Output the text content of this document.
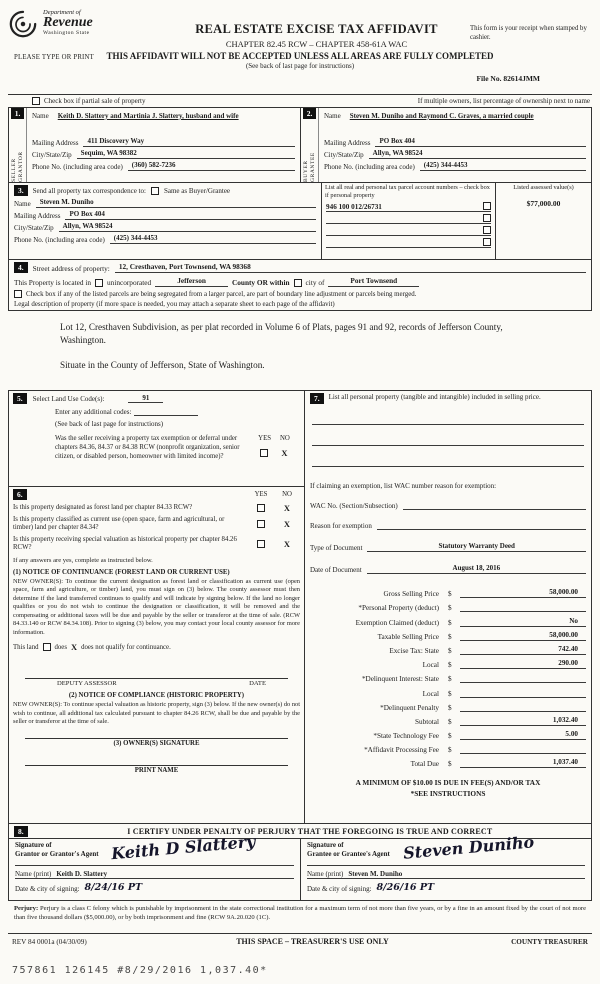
Department of
Revenue
Washington State	REAL ESTATE EXCISE TAX AFFIDAVIT
CHAPTER 82.45 RCW – CHAPTER 458-61A WAC
This form is your receipt when stamped by cashier.
PLEASE TYPE OR PRINT	THIS AFFIDAVIT WILL NOT BE ACCEPTED UNLESS ALL AREAS ARE FULLY COMPLETED
(See back of last page for instructions)
File No. 82614JMM
Check box if partial sale of property	If multiple owners, list percentage of ownership next to name
1.
SELLER GRANTOR
Name	Keith D. Slattery and Martinia J. Slattery, husband and wife
Mailing Address	411 Discovery Way
City/State/Zip	Sequim, WA 98382
Phone No. (including area code)	(360) 582-7236
2.
BUYER GRANTEE
Name	Steven M. Duniho and Raymond C. Graves, a married couple
Mailing Address	PO Box 404
City/State/Zip	Allyn, WA 98524
Phone No. (including area code)	(425) 344-4453
3.	Send all property tax correspondence to:	Same as Buyer/Grantee
Name	Steven M. Duniho
Mailing Address	PO Box 404
City/State/Zip	Allyn, WA 98524
Phone No. (including area code)	(425) 344-4453
List all real and personal tax parcel account numbers – check box if personal property
946 100 012/26731
Listed assessed value(s)
$77,000.00
4.	Street address of property:	12, Cresthaven, Port Townsend, WA 98368
This Property is located in unincorporated	Jefferson	County OR within city of	Port Townsend
Check box if any of the listed parcels are being segregated from a larger parcel, are part of boundary line adjustment or parcels being merged.
Legal description of property (if more space is needed, you may attach a separate sheet to each page of the affidavit)

Lot 12, Cresthaven Subdivision, as per plat recorded in Volume 6 of Plats, pages 91 and 92, records of Jefferson County, Washington.

Situate in the County of Jefferson, State of Washington.

5.	Select Land Use Code(s):	91
Enter any additional codes:
(See back of last page for instructions)
Was the seller receiving a property tax exemption or deferral under chapters 84.36, 84.37 or 84.38 RCW (nonprofit organization, senior citizen, or disabled person, homeowner with limited income)?
YES NO
X
6.	YES	NO
Is this property designated as forest land per chapter 84.33 RCW?	X
Is this property classified as current use (open space, farm and agricultural, or timber) land per chapter 84.34?	X
Is this property receiving special valuation as historical property per chapter 84.26 RCW?	X
If any answers are yes, complete as instructed below.
(1) NOTICE OF CONTINUANCE (FOREST LAND OR CURRENT USE)
NEW OWNER(S): To continue the current designation as forest land or classification as current use (open space, farm and agriculture, or timber) land, you must sign on (3) below. The county assessor must then determine if the land transferred continues to qualify and will indicate by signing below. If the land no longer qualifies or you do not wish to continue the designation or classification, it will be removed and the compensating or additional taxes will be due and payable by the seller or transferor at the time of sale. (RCW 84.33.140 or RCW 84.34.108). Prior to signing (3) below, you may contact your local county assessor for more information.
This land does X does not qualify for continuance.
DEPUTY ASSESSOR	DATE
(2) NOTICE OF COMPLIANCE (HISTORIC PROPERTY)
NEW OWNER(S): To continue special valuation as historic property, sign (3) below. If the new owner(s) do not wish to continue, all additional tax calculated pursuant to chapter 84.26 RCW, shall be due and payable by the seller or transferor at the time of sale.
(3) OWNER(S) SIGNATURE
PRINT NAME
7.	List all personal property (tangible and intangible) included in selling price.
If claiming an exemption, list WAC number reason for exemption:
WAC No. (Section/Subsection)
Reason for exemption
Type of Document	Statutory Warranty Deed
Date of Document	August 18, 2016
Gross Selling Price	$	58,000.00
*Personal Property (deduct)	$
Exemption Claimed (deduct)	$	No
Taxable Selling Price	$	58,000.00
Excise Tax: State	$	742.40
Local	$	290.00
*Delinquent Interest: State	$
Local	$
*Delinquent Penalty	$
Subtotal	$	1,032.40
*State Technology Fee	$	5.00
*Affidavit Processing Fee	$
Total Due	$	1,037.40
A MINIMUM OF $10.00 IS DUE IN FEE(S) AND/OR TAX
*SEE INSTRUCTIONS
8.	I CERTIFY UNDER PENALTY OF PERJURY THAT THE FOREGOING IS TRUE AND CORRECT
Signature of
Grantor or Grantor's Agent Keith D Slattery
Name (print) Keith D. Slattery
Date & city of signing: 8/24/16 PT
Signature of
Grantee or Grantee's Agent Steven Duniho
Name (print) Steven M. Duniho
Date & city of signing: 8/26/16 PT
Perjury: Perjury is a class C felony which is punishable by imprisonment in the state correctional institution for a maximum term of not more than five years, or by a fine in an amount fixed by the court of not more than five thousand dollars ($5,000.00), or by both imprisonment and fine (RCW 9A.20.020 (1C).
REV 84 0001a (04/30/09)	THIS SPACE – TREASURER'S USE ONLY	COUNTY TREASURER
757861 126145 #8/29/2016 1,037.40*
